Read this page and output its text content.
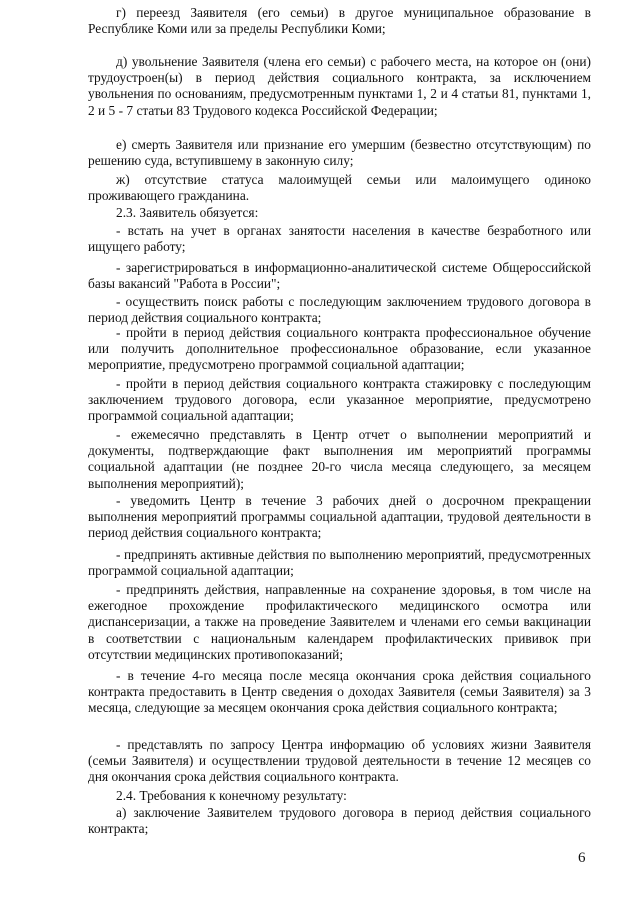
г) переезд Заявителя (его семьи) в другое муниципальное образование в Республике Коми или за пределы Республики Коми;

д) увольнение Заявителя (члена его семьи) с рабочего места, на которое он (они) трудоустроен(ы) в период действия социального контракта, за исключением увольнения по основаниям, предусмотренным пунктами 1, 2 и 4 статьи 81, пунктами 1, 2 и 5 - 7 статьи 83 Трудового кодекса Российской Федерации;

е) смерть Заявителя или признание его умершим (безвестно отсутствующим) по решению суда, вступившему в законную силу;

ж) отсутствие статуса малоимущей семьи или малоимущего одиноко проживающего гражданина.

2.3. Заявитель обязуется:

- встать на учет в органах занятости населения в качестве безработного или ищущего работу;

- зарегистрироваться в информационно-аналитической системе Общероссийской базы вакансий "Работа в России";

- осуществить поиск работы с последующим заключением трудового договора в период действия социального контракта;

- пройти в период действия социального контракта профессиональное обучение или получить дополнительное профессиональное образование, если указанное мероприятие, предусмотрено программой социальной адаптации;

- пройти в период действия социального контракта стажировку с последующим заключением трудового договора, если указанное мероприятие, предусмотрено программой социальной адаптации;

- ежемесячно представлять в Центр отчет о выполнении мероприятий и документы, подтверждающие факт выполнения им мероприятий программы социальной адаптации (не позднее 20-го числа месяца следующего, за месяцем выполнения мероприятий);

- уведомить Центр в течение 3 рабочих дней о досрочном прекращении выполнения мероприятий программы социальной адаптации, трудовой деятельности в период действия социального контракта;

- предпринять активные действия по выполнению мероприятий, предусмотренных программой социальной адаптации;

- предпринять действия, направленные на сохранение здоровья, в том числе на ежегодное прохождение профилактического медицинского осмотра или диспансеризации, а также на проведение Заявителем и членами его семьи вакцинации в соответствии с национальным календарем профилактических прививок при отсутствии медицинских противопоказаний;

- в течение 4-го месяца после месяца окончания срока действия социального контракта предоставить в Центр сведения о доходах Заявителя (семьи Заявителя) за 3 месяца, следующие за месяцем окончания срока действия социального контракта;

- представлять по запросу Центра информацию об условиях жизни Заявителя (семьи Заявителя) и осуществлении трудовой деятельности в течение 12 месяцев со дня окончания срока действия социального контракта.

2.4. Требования к конечному результату:

а) заключение Заявителем трудового договора в период действия социального контракта;

6
